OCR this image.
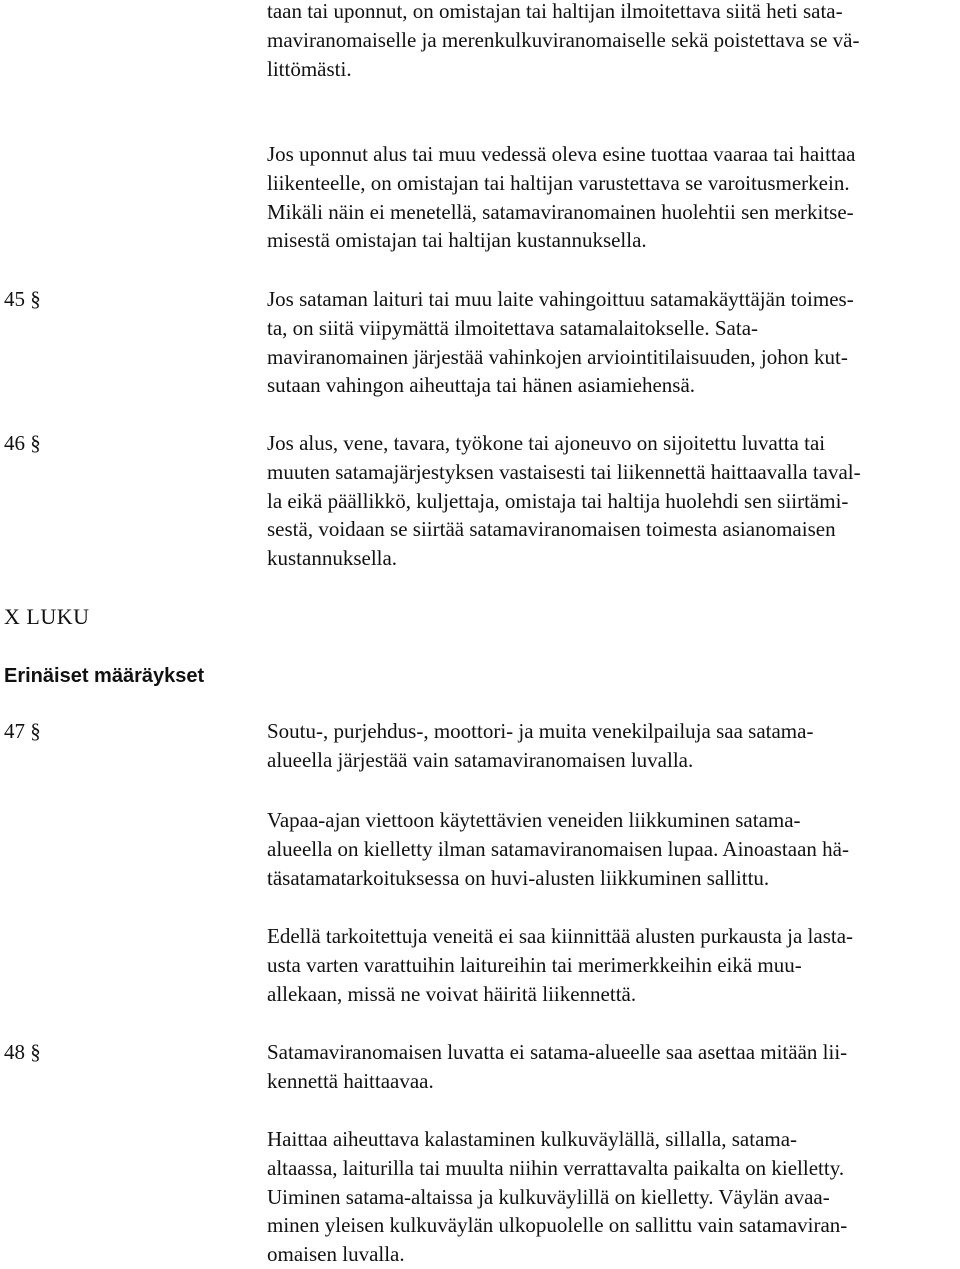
taan tai uponnut, on omistajan tai haltijan ilmoitettava siitä heti sata-
maviranomaiselle ja merenkulkuviranomaiselle sekä poistettava se vä-
littömästi.
Jos uponnut alus tai muu vedessä oleva esine tuottaa vaaraa tai haittaa
liikenteelle, on omistajan tai haltijan varustettava se varoitusmerkein.
Mikäli näin ei menetellä, satamaviranomainen huolehtii sen merkitse-
misestä omistajan tai haltijan kustannuksella.
45 §	Jos sataman laituri tai muu laite vahingoittuu satamakäyttäjän toimes-
ta, on siitä viipymättä ilmoitettava satamalaitokselle. Sata-
maviranomainen järjestää vahinkojen arviointitilaisuuden, johon kut-
sutaan vahingon aiheuttaja tai hänen asiamiehensä.
46 §	Jos alus, vene, tavara, työkone tai ajoneuvo on sijoitettu luvatta tai
muuten satamajärjestyksen vastaisesti tai liikennettä haittaavalla taval-
la eikä päällikkö, kuljettaja, omistaja tai haltija huolehdi sen siirtämi-
sestä, voidaan se siirtää satamaviranomaisen toimesta asianomaisen
kustannuksella.
X LUKU
Erinäiset määräykset
47 §	Soutu-, purjehdus-, moottori- ja muita venekilpailuja saa satama-
alueella järjestää vain satamaviranomaisen luvalla.
Vapaa-ajan viettoon käytettävien veneiden liikkuminen satama-
alueella on kielletty ilman satamaviranomaisen lupaa. Ainoastaan hä-
täsatamatarkoituksessa on huvi-alusten liikkuminen sallittu.
Edellä tarkoitettuja veneitä ei saa kiinnittää alusten purkausta ja lasta-
usta varten varattuihin laitureihin tai merimerkkeihin eikä muu-
allekaan, missä ne voivat häiritä liikennettä.
48 §	Satamaviranomaisen luvatta ei satama-alueelle saa asettaa mitään lii-
kennettä haittaavaa.
Haittaa aiheuttava kalastaminen kulkuväylällä, sillalla, satama-
altaassa, laiturilla tai muulta niihin verrattavalta paikalta on kielletty.
Uiminen satama-altaissa ja kulkuväylillä on kielletty. Väylän avaa-
minen yleisen kulkuväylän ulkopuolelle on sallittu vain satamaviran-
omaisen luvalla.
